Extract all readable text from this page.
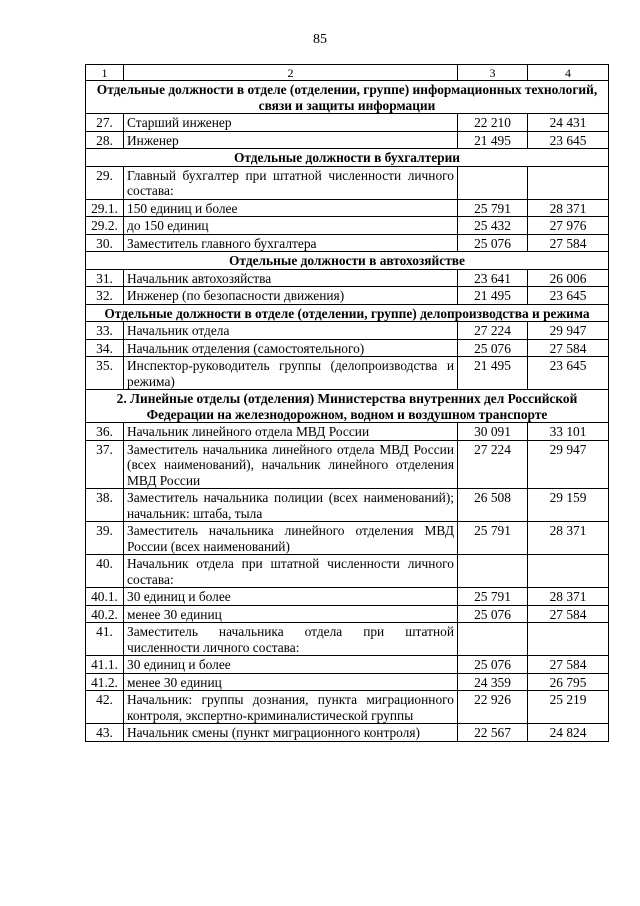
85
1	2	3	4
Отдельные должности в отделе (отделении, группе) информационных технологий, связи и защиты информации			
27.	Старший инженер	22 210	24 431
28.	Инженер	21 495	23 645
Отдельные должности в бухгалтерии			
29.	Главный бухгалтер при штатной численности личного состава:		
29.1.	150 единиц и более	25 791	28 371
29.2.	до 150 единиц	25 432	27 976
30.	Заместитель главного бухгалтера	25 076	27 584
Отдельные должности в автохозяйстве			
31.	Начальник автохозяйства	23 641	26 006
32.	Инженер (по безопасности движения)	21 495	23 645
Отдельные должности в отделе (отделении, группе) делопроизводства и режима			
33.	Начальник отдела	27 224	29 947
34.	Начальник отделения (самостоятельного)	25 076	27 584
35.	Инспектор-руководитель группы (делопроизводства и режима)	21 495	23 645
2. Линейные отделы (отделения) Министерства внутренних дел Российской Федерации на железнодорожном, водном и воздушном транспорте			
36.	Начальник линейного отдела МВД России	30 091	33 101
37.	Заместитель начальника линейного отдела МВД России (всех наименований), начальник линейного отделения МВД России	27 224	29 947
38.	Заместитель начальника полиции (всех наименований); начальник: штаба, тыла	26 508	29 159
39.	Заместитель начальника линейного отделения МВД России (всех наименований)	25 791	28 371
40.	Начальник отдела при штатной численности личного состава:		
40.1.	30 единиц и более	25 791	28 371
40.2.	менее 30 единиц	25 076	27 584
41.	Заместитель начальника отдела при штатной численности личного состава:		
41.1.	30 единиц и более	25 076	27 584
41.2.	менее 30 единиц	24 359	26 795
42.	Начальник: группы дознания, пункта миграционного контроля, экспертно-криминалистической группы	22 926	25 219
43.	Начальник смены (пункт миграционного контроля)	22 567	24 824
